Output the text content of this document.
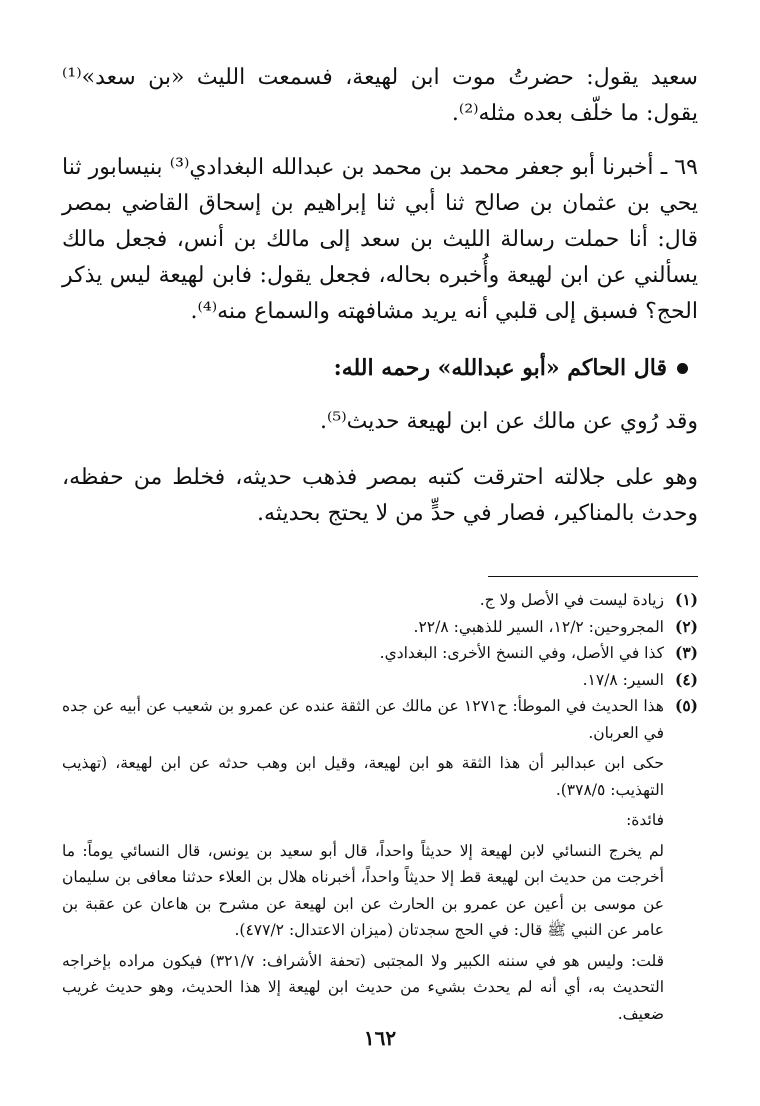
سعيد يقول: حضرتُ موت ابن لهيعة، فسمعت الليث «بن سعد»⁽¹⁾ يقول: ما خلّف بعده مثله⁽²⁾.

٦٩ ـ أخبرنا أبو جعفر محمد بن محمد بن عبدالله البغدادي⁽³⁾ بنيسابور ثنا يحي بن عثمان بن صالح ثنا أبي ثنا إبراهيم بن إسحاق القاضي بمصر قال: أنا حملت رسالة الليث بن سعد إلى مالك بن أنس، فجعل مالك يسألني عن ابن لهيعة وأُخبره بحاله، فجعل يقول: فابن لهيعة ليس يذكر الحج؟ فسبق إلى قلبي أنه يريد مشافهته والسماع منه⁽⁴⁾.

قال الحاكم «أبو عبدالله» رحمه الله:

وقد رُوي عن مالك عن ابن لهيعة حديث⁽⁵⁾.

وهو على جلالته احترقت كتبه بمصر فذهب حديثه، فخلط من حفظه، وحدث بالمناكير، فصار في حدٍّ من لا يحتج بحديثه.

(١)

زيادة ليست في الأصل ولا ج.

(٢)

المجروحين: ١٢/٢، السير للذهبي: ٢٢/٨.

(٣)

كذا في الأصل، وفي النسخ الأخرى: البغدادي.

(٤)

السير: ١٧/٨.

(٥)

هذا الحديث في الموطأ: ح١٢٧١ عن مالك عن الثقة عنده عن عمرو بن شعيب عن أبيه عن جده في العربان.

حكى ابن عبدالبر أن هذا الثقة هو ابن لهيعة، وقيل ابن وهب حدثه عن ابن لهيعة، (تهذيب التهذيب: ٣٧٨/٥).

فائدة:

لم يخرج النسائي لابن لهيعة إلا حديثاً واحداً، قال أبو سعيد بن يونس، قال النسائي يوماً: ما أخرجت من حديث ابن لهيعة قط إلا حديثاً واحداً، أخبرناه هلال بن العلاء حدثنا معافى بن سليمان عن موسى بن أعين عن عمرو بن الحارث عن ابن لهيعة عن مشرح بن هاعان عن عقبة بن عامر عن النبي ﷺ قال: في الحج سجدتان (ميزان الاعتدال: ٤٧٧/٢).

قلت: وليس هو في سننه الكبير ولا المجتبى (تحفة الأشراف: ٣٢١/٧) فيكون مراده بإخراجه التحديث به، أي أنه لم يحدث بشيء من حديث ابن لهيعة إلا هذا الحديث، وهو حديث غريب ضعيف.

١٦٢
